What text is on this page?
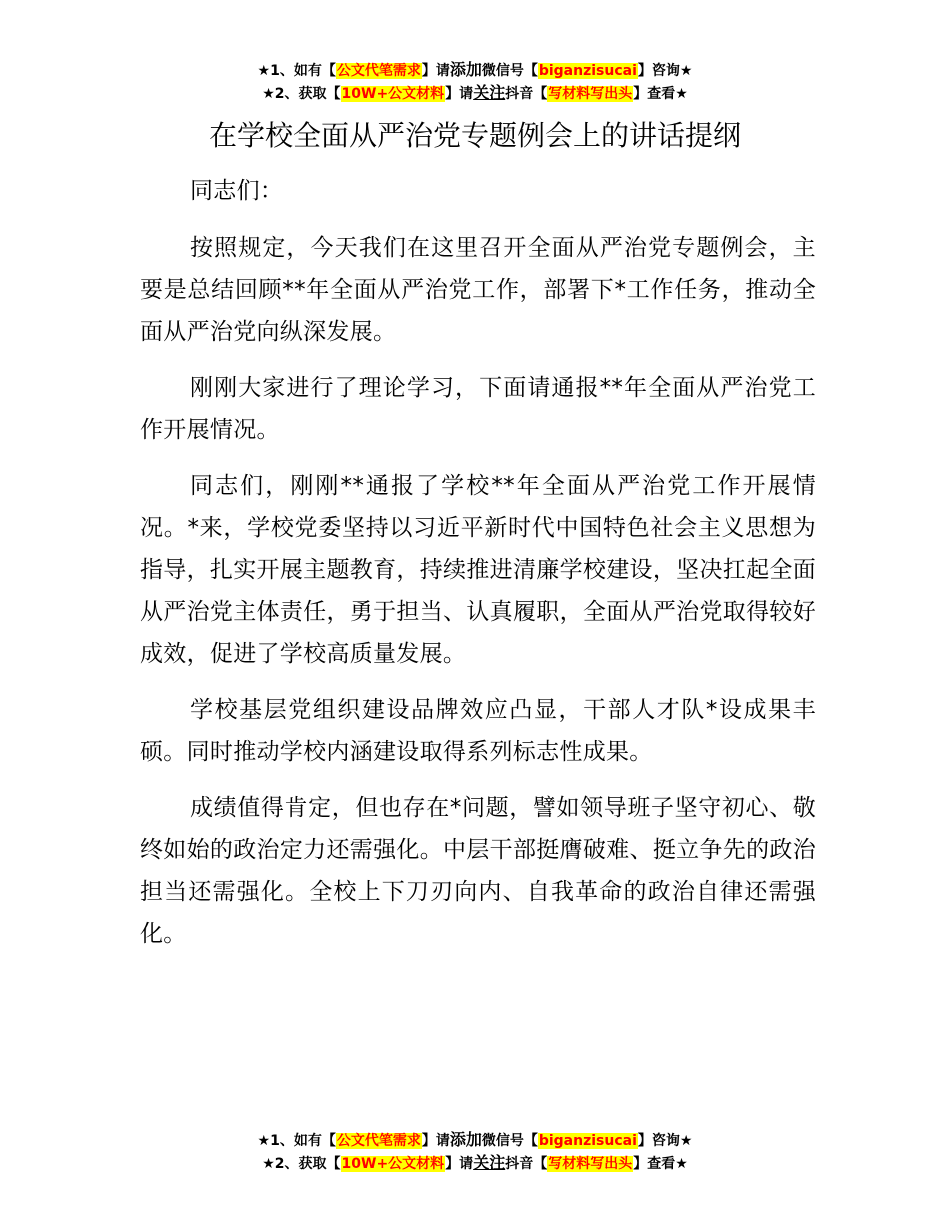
★1、如有【公文代笔需求】请添加微信号【biganzisucai】咨询★
★2、获取【10W+公文材料】请关注抖音【写材料写出头】查看★
在学校全面从严治党专题例会上的讲话提纲

同志们：

按照规定，今天我们在这里召开全面从严治党专题例会，主要是总结回顾**年全面从严治党工作，部署下*工作任务，推动全面从严治党向纵深发展。

刚刚大家进行了理论学习，下面请通报**年全面从严治党工作开展情况。

同志们，刚刚**通报了学校**年全面从严治党工作开展情况。*来，学校党委坚持以习近平新时代中国特色社会主义思想为指导，扎实开展主题教育，持续推进清廉学校建设，坚决扛起全面从严治党主体责任，勇于担当、认真履职，全面从严治党取得较好成效，促进了学校高质量发展。

学校基层党组织建设品牌效应凸显，干部人才队*设成果丰硕。同时推动学校内涵建设取得系列标志性成果。

成绩值得肯定，但也存在*问题，譬如领导班子坚守初心、敬终如始的政治定力还需强化。中层干部挺膺破难、挺立争先的政治担当还需强化。全校上下刀刃向内、自我革命的政治自律还需强化。

★1、如有【公文代笔需求】请添加微信号【biganzisucai】咨询★
★2、获取【10W+公文材料】请关注抖音【写材料写出头】查看★
